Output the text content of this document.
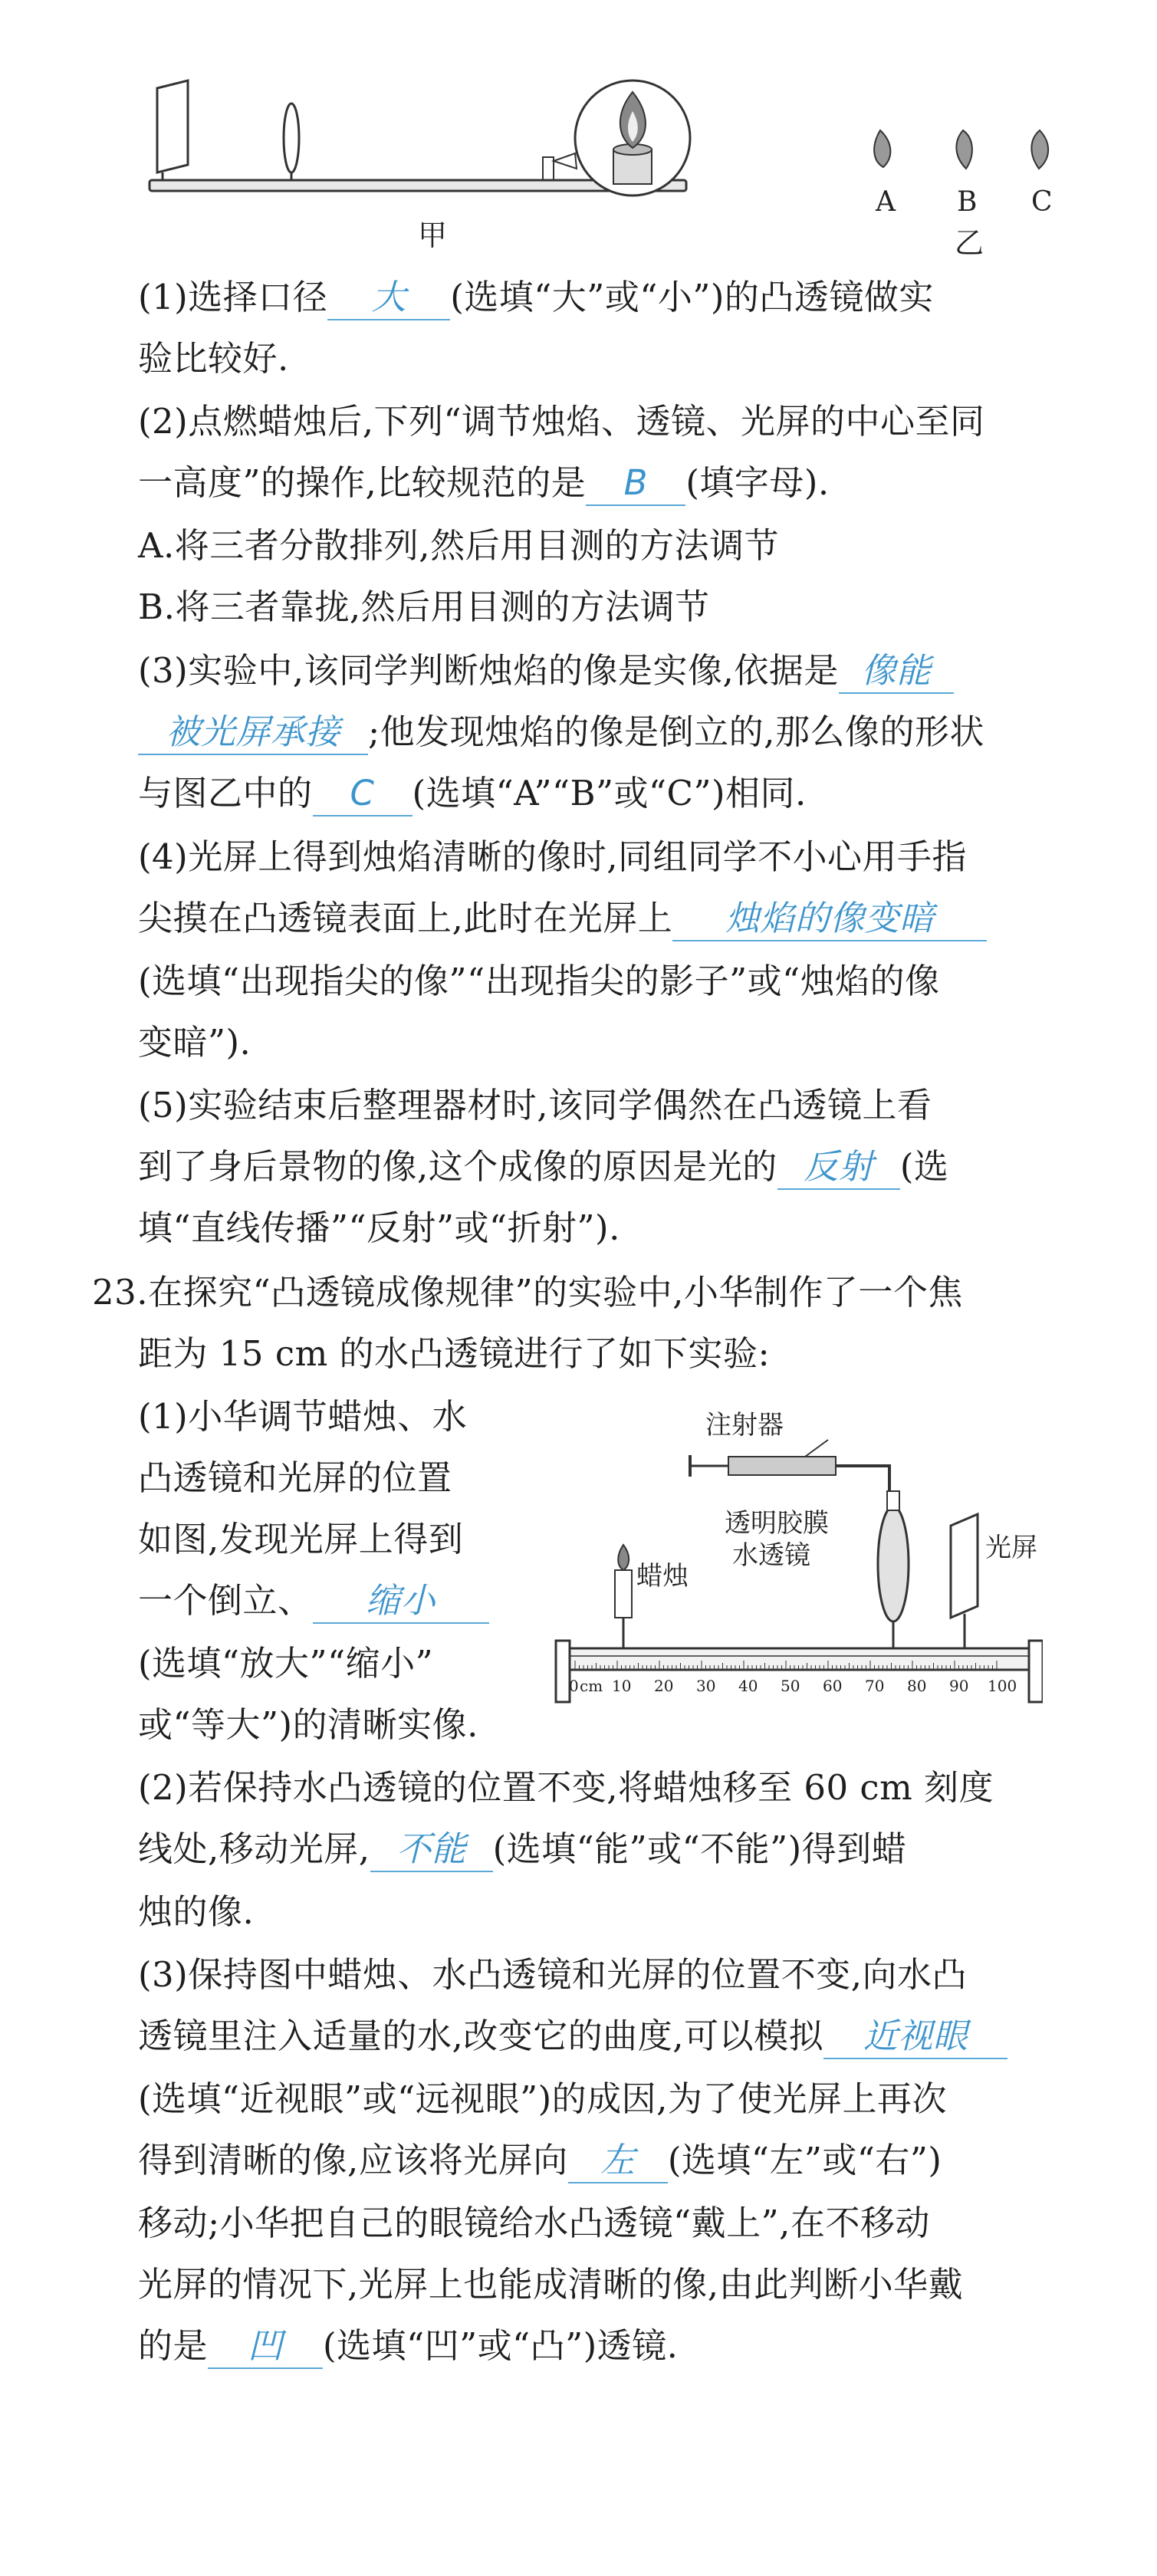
甲
A B C
乙
(1)选择口径 大 (选填“大”或“小”)的凸透镜做实
验比较好.
(2)点燃蜡烛后,下列“调节烛焰、透镜、光屏的中心至同
一高度”的操作,比较规范的是 B (填字母).
A.将三者分散排列,然后用目测的方法调节
B.将三者靠拢,然后用目测的方法调节
(3)实验中,该同学判断烛焰的像是实像,依据是 像能
被光屏承接 ;他发现烛焰的像是倒立的,那么像的形状
与图乙中的 C (选填“A”“B”或“C”)相同.
(4)光屏上得到烛焰清晰的像时,同组同学不小心用手指
尖摸在凸透镜表面上,此时在光屏上 烛焰的像变暗
(选填“出现指尖的像”“出现指尖的影子”或“烛焰的像
变暗”).
(5)实验结束后整理器材时,该同学偶然在凸透镜上看
到了身后景物的像,这个成像的原因是光的 反射 (选
填“直线传播”“反射”或“折射”).
23.在探究“凸透镜成像规律”的实验中,小华制作了一个焦
距为 15 cm 的水凸透镜进行了如下实验:
(1)小华调节蜡烛、水
凸透镜和光屏的位置
如图,发现光屏上得到
一个倒立、 缩小
(选填“放大”“缩小”
或“等大”)的清晰实像.
注射器
透明胶膜
水透镜
蜡烛
光屏
0 cm 10 20 30 40 50 60 70 80 90 100
(2)若保持水凸透镜的位置不变,将蜡烛移至 60 cm 刻度
线处,移动光屏, 不能 (选填“能”或“不能”)得到蜡
烛的像.
(3)保持图中蜡烛、水凸透镜和光屏的位置不变,向水凸
透镜里注入适量的水,改变它的曲度,可以模拟 近视眼
(选填“近视眼”或“远视眼”)的成因,为了使光屏上再次
得到清晰的像,应该将光屏向 左 (选填“左”或“右”)
移动;小华把自己的眼镜给水凸透镜“戴上”,在不移动
光屏的情况下,光屏上也能成清晰的像,由此判断小华戴
的是 凹 (选填“凹”或“凸”)透镜.
